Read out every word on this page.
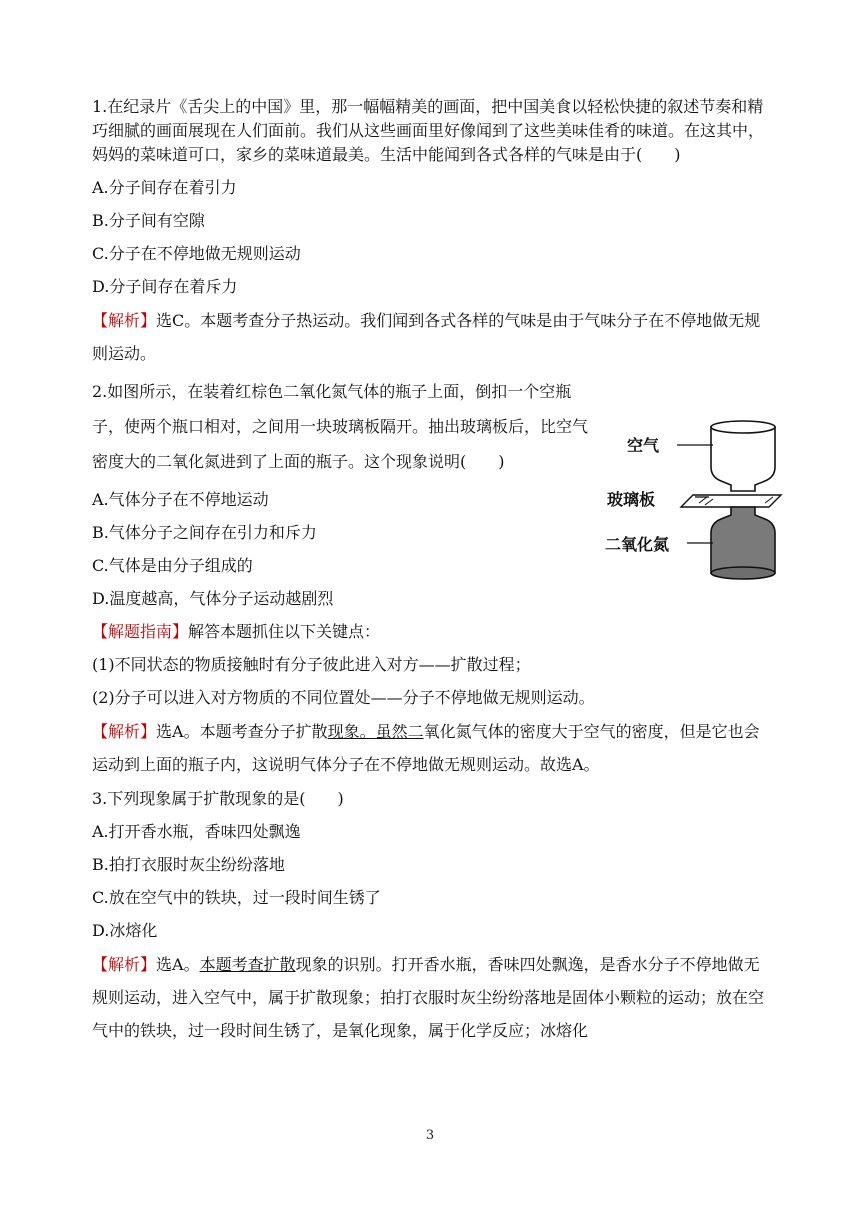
1.在纪录片《舌尖上的中国》里，那一幅幅精美的画面，把中国美食以轻松快捷的叙述节奏和精巧细腻的画面展现在人们面前。我们从这些画面里好像闻到了这些美味佳肴的味道。在这其中，妈妈的菜味道可口，家乡的菜味道最美。生活中能闻到各式各样的气味是由于(　　)

A.分子间存在着引力

B.分子间有空隙

C.分子在不停地做无规则运动

D.分子间存在着斥力

【解析】选C。本题考查分子热运动。我们闻到各式各样的气味是由于气味分子在不停地做无规则运动。

2.如图所示，在装着红棕色二氧化氮气体的瓶子上面，倒扣一个空瓶子，使两个瓶口相对，之间用一块玻璃板隔开。抽出玻璃板后，比空气密度大的二氧化氮进到了上面的瓶子。这个现象说明(　　)

A.气体分子在不停地运动

B.气体分子之间存在引力和斥力

C.气体是由分子组成的

D.温度越高，气体分子运动越剧烈

【解题指南】解答本题抓住以下关键点：

(1)不同状态的物质接触时有分子彼此进入对方——扩散过程；

(2)分子可以进入对方物质的不同位置处——分子不停地做无规则运动。

【解析】选A。本题考查分子扩散现象。虽然二氧化氮气体的密度大于空气的密度，但是它也会运动到上面的瓶子内，这说明气体分子在不停地做无规则运动。故选A。

3.下列现象属于扩散现象的是(　　)

A.打开香水瓶，香味四处飘逸

B.拍打衣服时灰尘纷纷落地

C.放在空气中的铁块，过一段时间生锈了

D.冰熔化

【解析】选A。本题考查扩散现象的识别。打开香水瓶，香味四处飘逸，是香水分子不停地做无规则运动，进入空气中，属于扩散现象；拍打衣服时灰尘纷纷落地是固体小颗粒的运动；放在空气中的铁块，过一段时间生锈了，是氧化现象，属于化学反应；冰熔化

空气
玻璃板
二氧化氮
3
